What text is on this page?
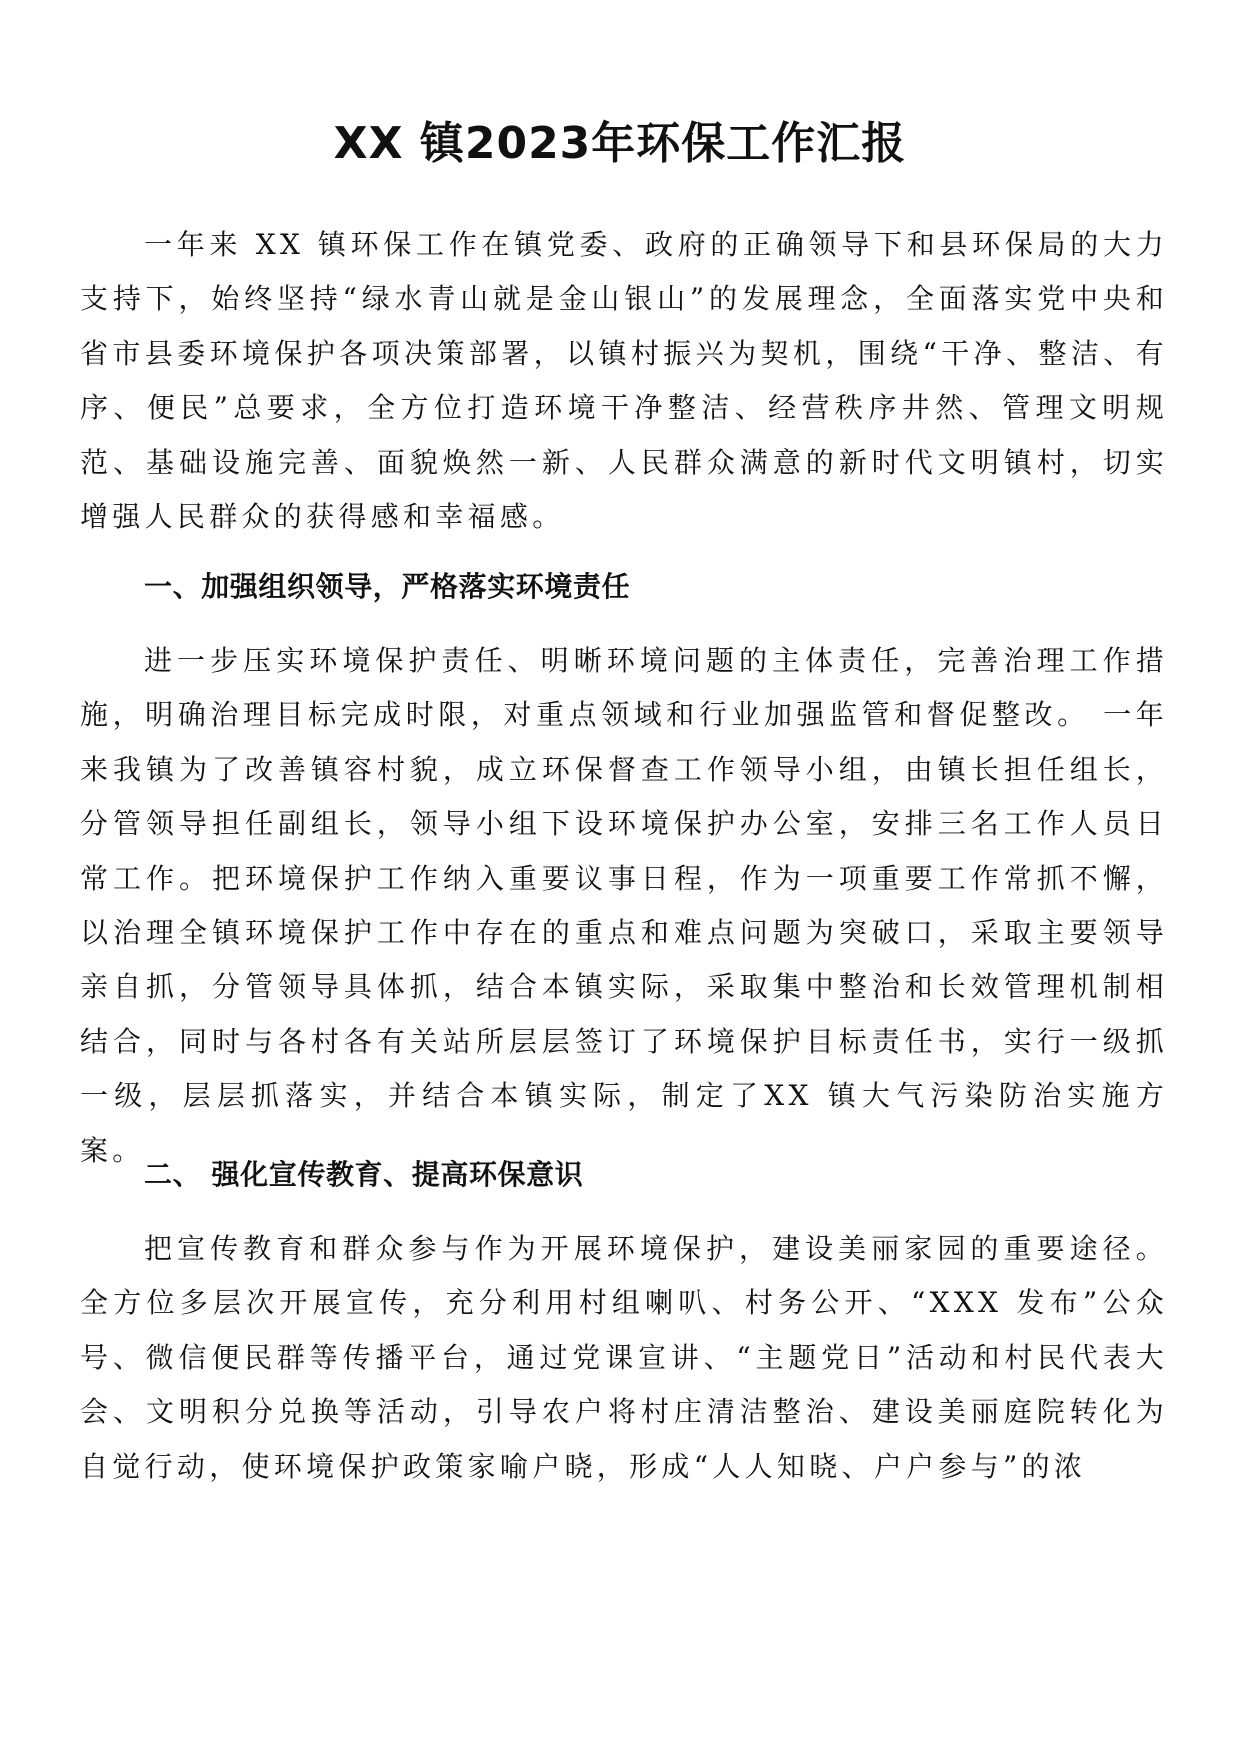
XX 镇2023年环保工作汇报

一年来 XX 镇环保工作在镇党委、政府的正确领导下和县环保局的大力支持下，始终坚持“绿水青山就是金山银山”的发展理念，全面落实党中央和省市县委环境保护各项决策部署，以镇村振兴为契机，围绕“干净、整洁、有序、便民”总要求，全方位打造环境干净整洁、经营秩序井然、管理文明规范、基础设施完善、面貌焕然一新、人民群众满意的新时代文明镇村，切实增强人民群众的获得感和幸福感。

一、加强组织领导，严格落实环境责任

进一步压实环境保护责任、明晰环境问题的主体责任，完善治理工作措施，明确治理目标完成时限，对重点领域和行业加强监管和督促整改。 一年来我镇为了改善镇容村貌，成立环保督查工作领导小组，由镇长担任组长，分管领导担任副组长，领导小组下设环境保护办公室，安排三名工作人员日常工作。把环境保护工作纳入重要议事日程，作为一项重要工作常抓不懈，以治理全镇环境保护工作中存在的重点和难点问题为突破口，采取主要领导亲自抓，分管领导具体抓，结合本镇实际，采取集中整治和长效管理机制相结合，同时与各村各有关站所层层签订了环境保护目标责任书，实行一级抓一级，层层抓落实，并结合本镇实际，制定了XX 镇大气污染防治实施方案。

二、 强化宣传教育、提高环保意识

把宣传教育和群众参与作为开展环境保护，建设美丽家园的重要途径。全方位多层次开展宣传，充分利用村组喇叭、村务公开、“XXX 发布”公众号、微信便民群等传播平台，通过党课宣讲、“主题党日”活动和村民代表大会、文明积分兑换等活动，引导农户将村庄清洁整治、建设美丽庭院转化为自觉行动，使环境保护政策家喻户晓，形成“人人知晓、户户参与”的浓
